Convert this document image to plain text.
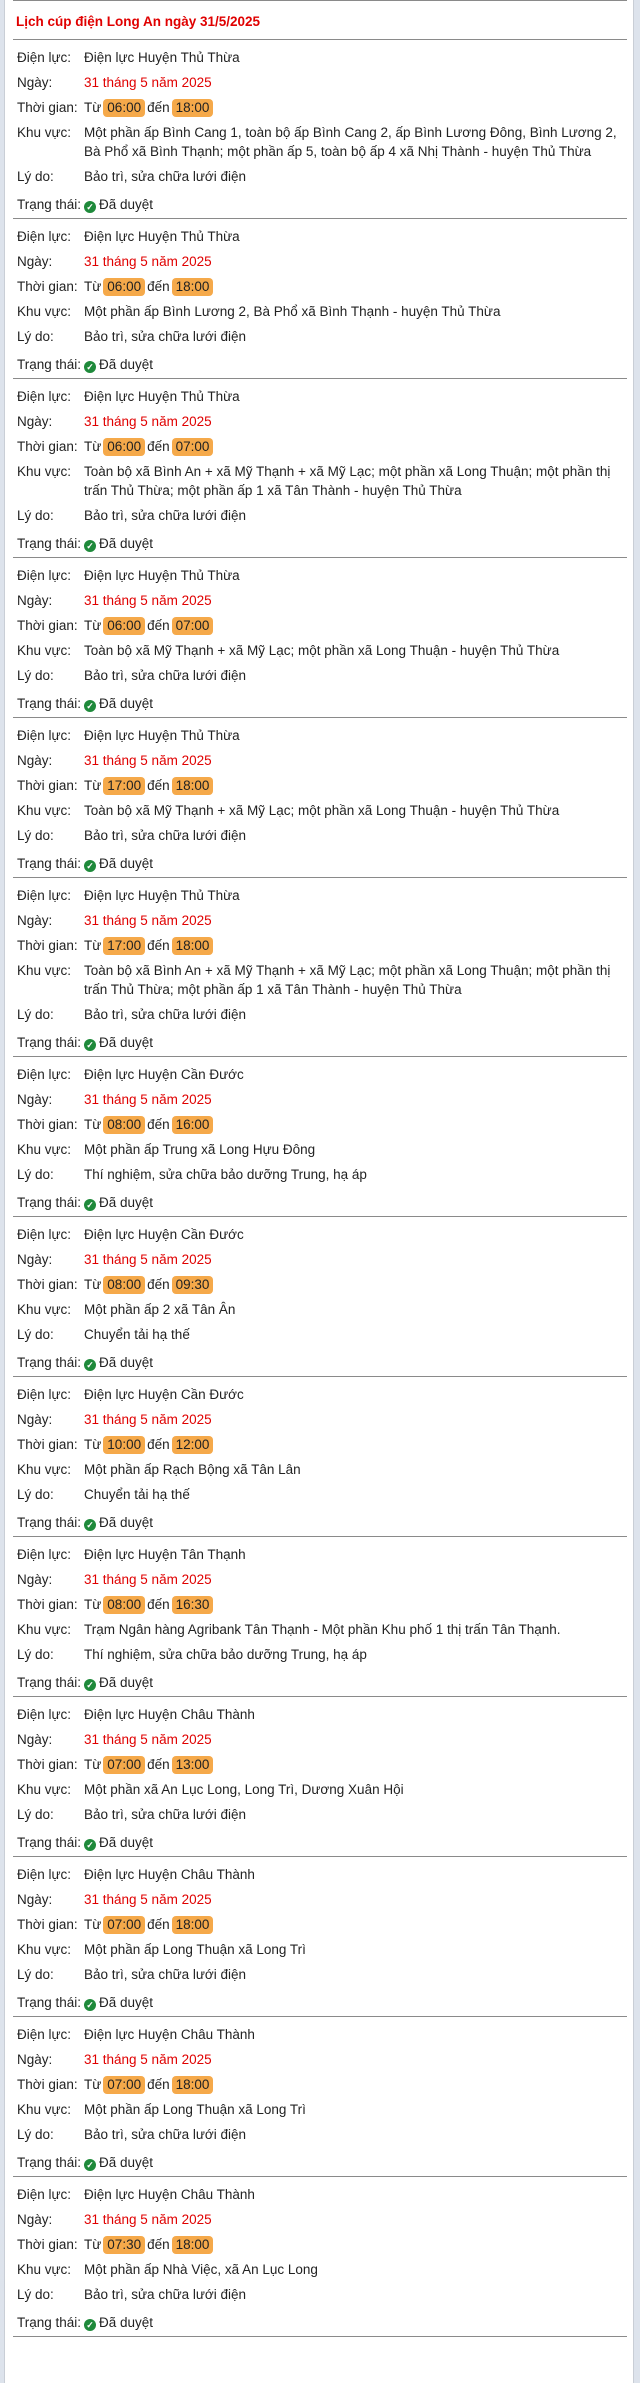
Lịch cúp điện Long An ngày 31/5/2025
Điện lực: Điện lực Huyện Thủ Thừa
Ngày:	31 tháng 5 năm 2025
Thời gian: Từ 06:00 đến 18:00
Khu vực: Một phần ấp Bình Cang 1, toàn bộ ấp Bình Cang 2, ấp Bình Lương Đông, Bình Lương 2, Bà Phổ xã Bình Thạnh; một phần ấp 5, toàn bộ ấp 4 xã Nhị Thành - huyện Thủ Thừa
Lý do:	Bảo trì, sửa chữa lưới điện
Trạng thái: ✓ Đã duyệt
Điện lực: Điện lực Huyện Thủ Thừa
Ngày:	31 tháng 5 năm 2025
Thời gian: Từ 06:00 đến 18:00
Khu vực: Một phần ấp Bình Lương 2, Bà Phổ xã Bình Thạnh - huyện Thủ Thừa
Lý do:	Bảo trì, sửa chữa lưới điện
Trạng thái: ✓ Đã duyệt
Điện lực: Điện lực Huyện Thủ Thừa
Ngày:	31 tháng 5 năm 2025
Thời gian: Từ 06:00 đến 07:00
Khu vực: Toàn bộ xã Bình An + xã Mỹ Thạnh + xã Mỹ Lạc; một phần xã Long Thuận; một phần thị trấn Thủ Thừa; một phần ấp 1 xã Tân Thành - huyện Thủ Thừa
Lý do:	Bảo trì, sửa chữa lưới điện
Trạng thái: ✓ Đã duyệt
Điện lực: Điện lực Huyện Thủ Thừa
Ngày:	31 tháng 5 năm 2025
Thời gian: Từ 06:00 đến 07:00
Khu vực: Toàn bộ xã Mỹ Thạnh + xã Mỹ Lạc; một phần xã Long Thuận - huyện Thủ Thừa
Lý do:	Bảo trì, sửa chữa lưới điện
Trạng thái: ✓ Đã duyệt
Điện lực: Điện lực Huyện Thủ Thừa
Ngày:	31 tháng 5 năm 2025
Thời gian: Từ 17:00 đến 18:00
Khu vực: Toàn bộ xã Mỹ Thạnh + xã Mỹ Lạc; một phần xã Long Thuận - huyện Thủ Thừa
Lý do:	Bảo trì, sửa chữa lưới điện
Trạng thái: ✓ Đã duyệt
Điện lực: Điện lực Huyện Thủ Thừa
Ngày:	31 tháng 5 năm 2025
Thời gian: Từ 17:00 đến 18:00
Khu vực: Toàn bộ xã Bình An + xã Mỹ Thạnh + xã Mỹ Lạc; một phần xã Long Thuận; một phần thị trấn Thủ Thừa; một phần ấp 1 xã Tân Thành - huyện Thủ Thừa
Lý do:	Bảo trì, sửa chữa lưới điện
Trạng thái: ✓ Đã duyệt
Điện lực: Điện lực Huyện Cần Đước
Ngày:	31 tháng 5 năm 2025
Thời gian: Từ 08:00 đến 16:00
Khu vực: Một phần ấp Trung xã Long Hựu Đông
Lý do:	Thí nghiệm, sửa chữa bảo dưỡng Trung, hạ áp
Trạng thái: ✓ Đã duyệt
Điện lực: Điện lực Huyện Cần Đước
Ngày:	31 tháng 5 năm 2025
Thời gian: Từ 08:00 đến 09:30
Khu vực: Một phần ấp 2 xã Tân Ân
Lý do:	Chuyển tải hạ thế
Trạng thái: ✓ Đã duyệt
Điện lực: Điện lực Huyện Cần Đước
Ngày:	31 tháng 5 năm 2025
Thời gian: Từ 10:00 đến 12:00
Khu vực: Một phần ấp Rạch Bộng xã Tân Lân
Lý do:	Chuyển tải hạ thế
Trạng thái: ✓ Đã duyệt
Điện lực: Điện lực Huyện Tân Thạnh
Ngày:	31 tháng 5 năm 2025
Thời gian: Từ 08:00 đến 16:30
Khu vực: Trạm Ngân hàng Agribank Tân Thạnh - Một phần Khu phố 1 thị trấn Tân Thạnh.
Lý do:	Thí nghiệm, sửa chữa bảo dưỡng Trung, hạ áp
Trạng thái: ✓ Đã duyệt
Điện lực: Điện lực Huyện Châu Thành
Ngày:	31 tháng 5 năm 2025
Thời gian: Từ 07:00 đến 13:00
Khu vực: Một phần xã An Lục Long, Long Trì, Dương Xuân Hội
Lý do:	Bảo trì, sửa chữa lưới điện
Trạng thái: ✓ Đã duyệt
Điện lực: Điện lực Huyện Châu Thành
Ngày:	31 tháng 5 năm 2025
Thời gian: Từ 07:00 đến 18:00
Khu vực: Một phần ấp Long Thuận xã Long Trì
Lý do:	Bảo trì, sửa chữa lưới điện
Trạng thái: ✓ Đã duyệt
Điện lực: Điện lực Huyện Châu Thành
Ngày:	31 tháng 5 năm 2025
Thời gian: Từ 07:00 đến 18:00
Khu vực: Một phần ấp Long Thuận xã Long Trì
Lý do:	Bảo trì, sửa chữa lưới điện
Trạng thái: ✓ Đã duyệt
Điện lực: Điện lực Huyện Châu Thành
Ngày:	31 tháng 5 năm 2025
Thời gian: Từ 07:30 đến 18:00
Khu vực: Một phần ấp Nhà Việc, xã An Lục Long
Lý do:	Bảo trì, sửa chữa lưới điện
Trạng thái: ✓ Đã duyệt
